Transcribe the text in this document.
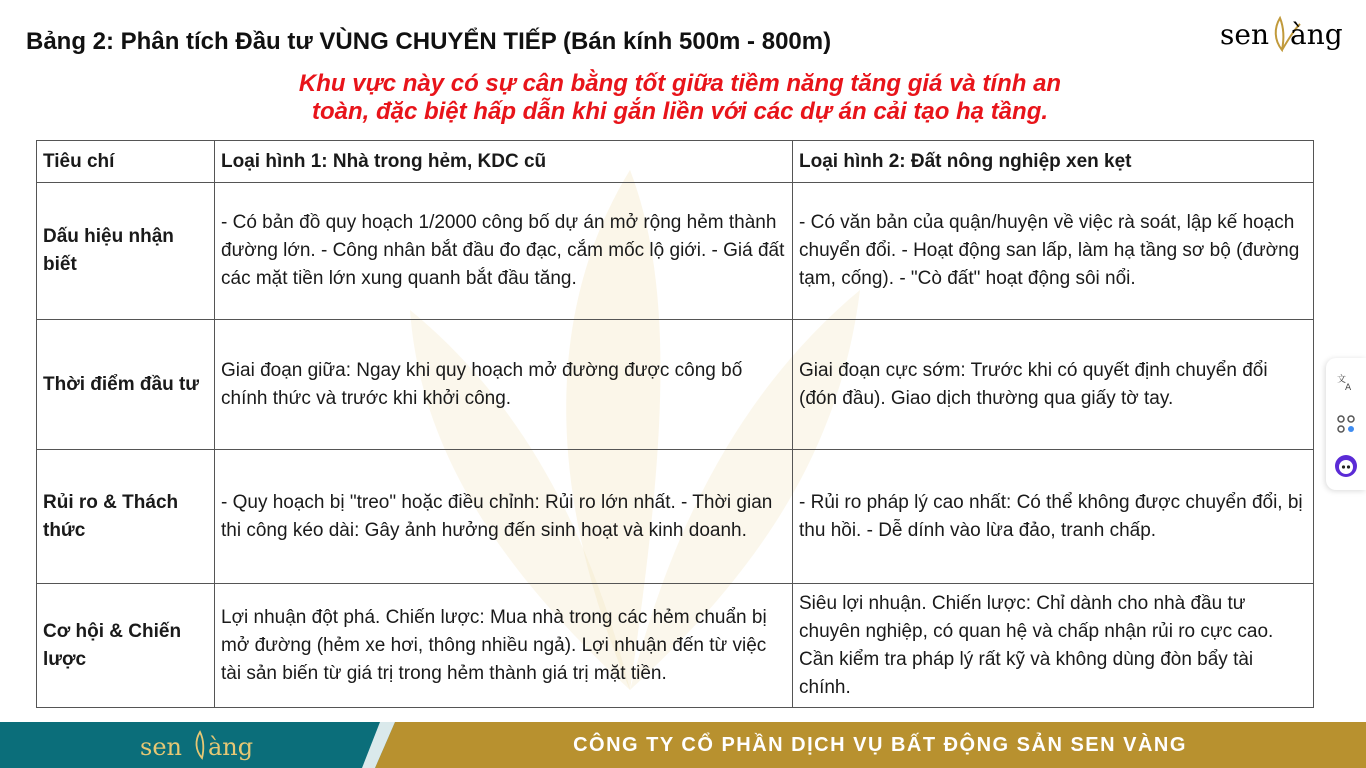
Bảng 2: Phân tích Đầu tư VÙNG CHUYỂN TIẾP (Bán kính 500m - 800m)	sen àng
Khu vực này có sự cân bằng tốt giữa tiềm năng tăng giá và tính an
toàn, đặc biệt hấp dẫn khi gắn liền với các dự án cải tạo hạ tầng.
Tiêu chí	Loại hình 1: Nhà trong hẻm, KDC cũ	Loại hình 2: Đất nông nghiệp xen kẹt
Dấu hiệu nhận biết	- Có bản đồ quy hoạch 1/2000 công bố dự án mở rộng hẻm thành đường lớn. - Công nhân bắt đầu đo đạc, cắm mốc lộ giới. - Giá đất các mặt tiền lớn xung quanh bắt đầu tăng.	- Có văn bản của quận/huyện về việc rà soát, lập kế hoạch chuyển đổi. - Hoạt động san lấp, làm hạ tầng sơ bộ (đường tạm, cống). - "Cò đất" hoạt động sôi nổi.
Thời điểm đầu tư	Giai đoạn giữa: Ngay khi quy hoạch mở đường được công bố chính thức và trước khi khởi công.	Giai đoạn cực sớm: Trước khi có quyết định chuyển đổi (đón đầu). Giao dịch thường qua giấy tờ tay.
Rủi ro & Thách thức	- Quy hoạch bị "treo" hoặc điều chỉnh: Rủi ro lớn nhất. - Thời gian thi công kéo dài: Gây ảnh hưởng đến sinh hoạt và kinh doanh.	- Rủi ro pháp lý cao nhất: Có thể không được chuyển đổi, bị thu hồi. - Dễ dính vào lừa đảo, tranh chấp.
Cơ hội & Chiến lược	Lợi nhuận đột phá. Chiến lược: Mua nhà trong các hẻm chuẩn bị mở đường (hẻm xe hơi, thông nhiều ngả). Lợi nhuận đến từ việc tài sản biến từ giá trị trong hẻm thành giá trị mặt tiền.	Siêu lợi nhuận. Chiến lược: Chỉ dành cho nhà đầu tư chuyên nghiệp, có quan hệ và chấp nhận rủi ro cực cao. Cần kiểm tra pháp lý rất kỹ và không dùng đòn bẩy tài chính.
文
A
sen àng	CÔNG TY CỔ PHẦN DỊCH VỤ BẤT ĐỘNG SẢN SEN VÀNG
